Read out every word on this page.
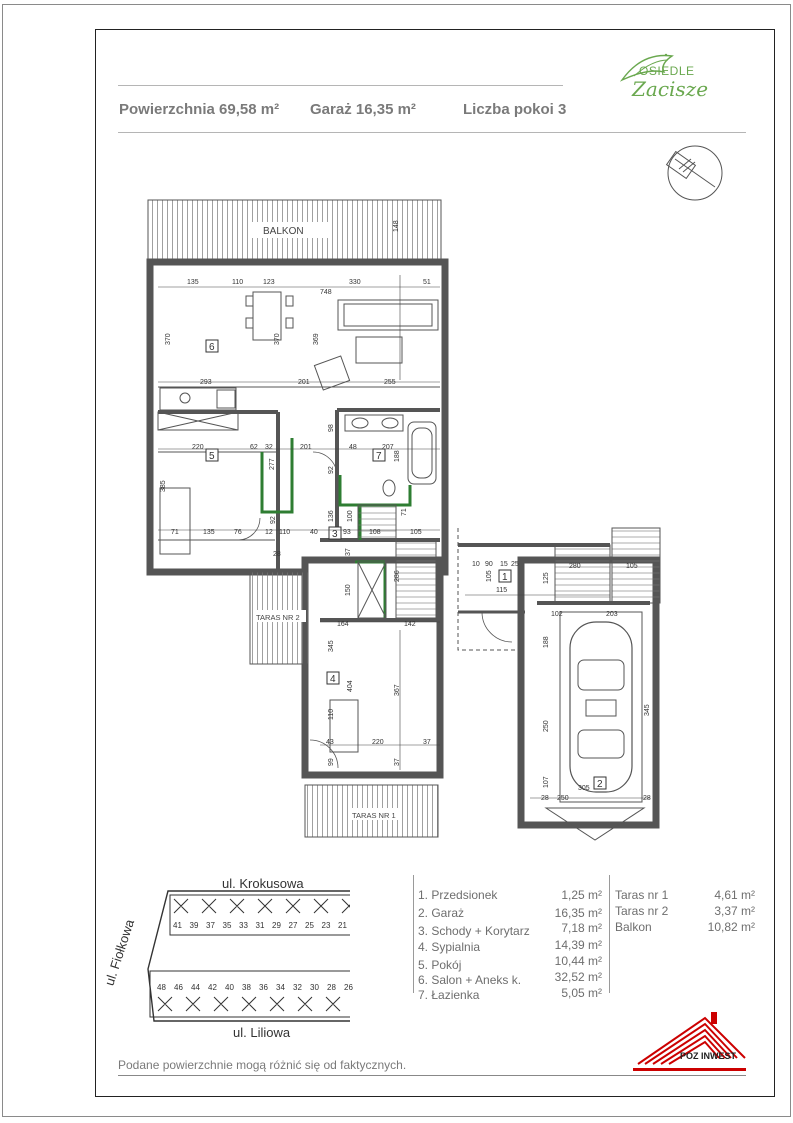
Powierzchnia 69,58 m² Garaż 16,35 m²	Liczba pokoi 3
OSIEDLE
Zacisze
BALKON
TARAS NR 2
TARAS NR 1
1
2
3
4
5
6
7
135	110	123	330	51
748
370	370	369
293	201	255
220	62 32	201	48	207
98
188
277
92
385
71	135	76	12 110	40	93	108	105
136 100
92
71
37
150
286
164	142
345
404	367
110
220
43	37
99	37
28
10 90 15 25
115
105	125
280	105
102	203
188
250
345
107
28 250
305
28
148
ul. Krokusowa
ul. Fiołkowa
ul. Liliowa
41 39 37 35 33 31 29 27 25 23 21
48	46	44	42	40	38	36	34	32	30	28	26
1. Przedsionek	1,25 m²
2. Garaż	16,35 m²
3. Schody + Korytarz	7,18 m²
4. Sypialnia	14,39 m²
5. Pokój	10,44 m²
6. Salon + Aneks k.	32,52 m²
7. Łazienka	5,05 m²
Taras nr 1	4,61 m²
Taras nr 2	3,37 m²
Balkon	10,82 m²
Podane powierzchnie mogą różnić się od faktycznych.
POZ INWEST
